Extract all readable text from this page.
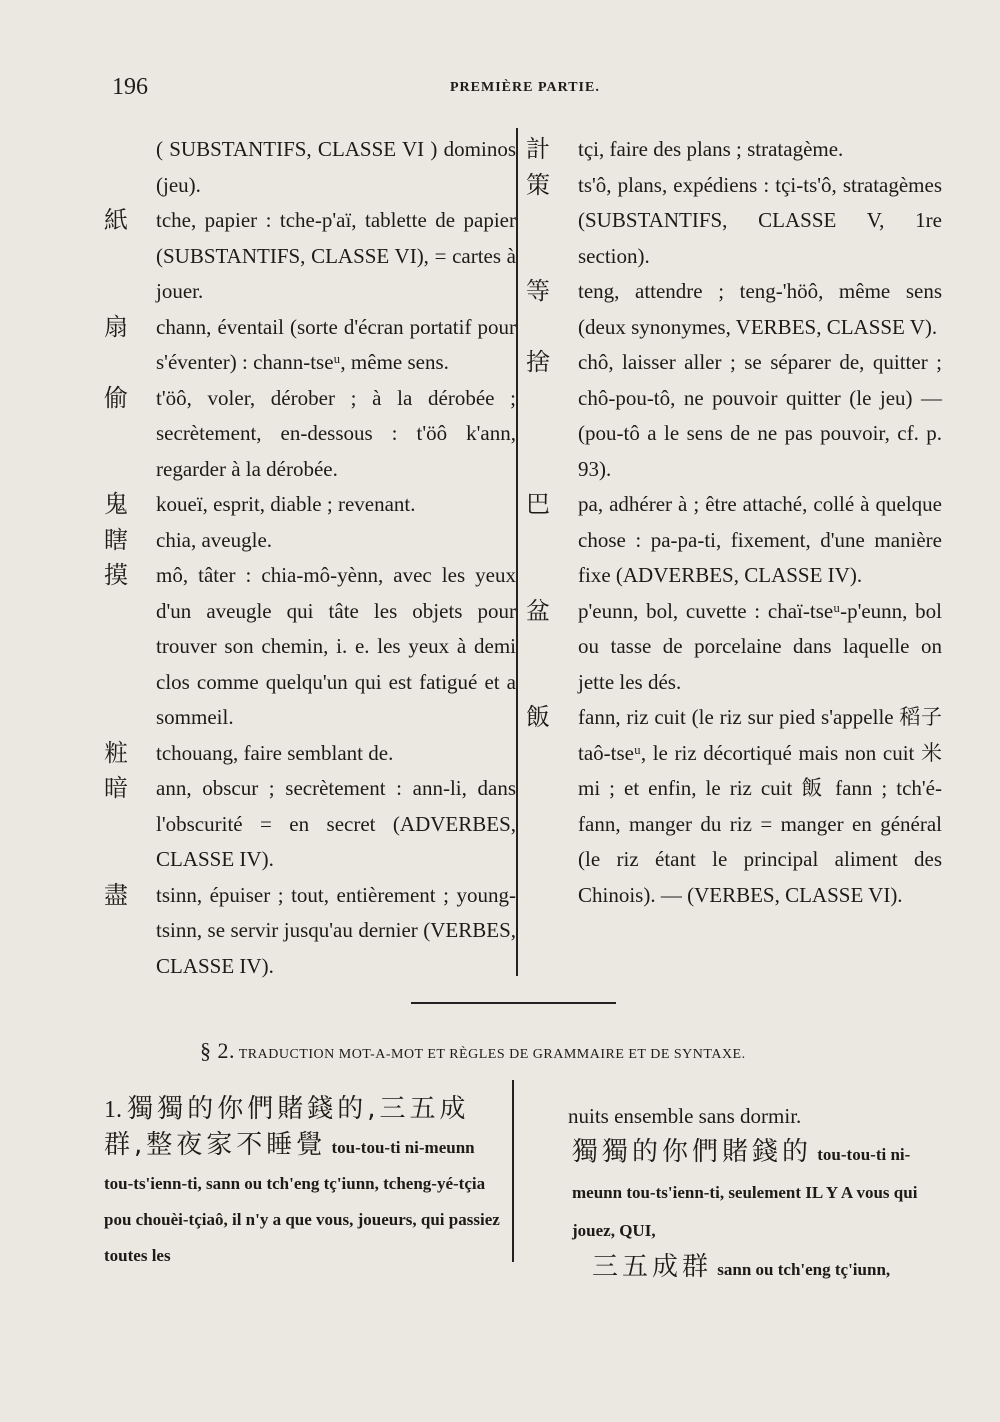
196	PREMIÈRE PARTIE.
( SUBSTANTIFS, CLASSE VI ) dominos (jeu).
紙	tche, papier : tche-p'aï, tablette de papier (SUBSTANTIFS, CLASSE VI), = cartes à jouer.
扇	chann, éventail (sorte d'écran portatif pour s'éventer) : chann-tseᵘ, même sens.
偷	t'öô, voler, dérober ; à la dérobée ; secrètement, en-dessous : t'öô k'ann, regarder à la dérobée.
鬼	koueï, esprit, diable ; revenant.
瞎	chia, aveugle.
摸	mô, tâter : chia-mô-yènn, avec les yeux d'un aveugle qui tâte les objets pour trouver son chemin, i. e. les yeux à demi clos comme quelqu'un qui est fatigué et a sommeil.
粧	tchouang, faire semblant de.
暗	ann, obscur ; secrètement : ann-li, dans l'obscurité = en secret (ADVERBES, CLASSE IV).
盡	tsinn, épuiser ; tout, entièrement ; young-tsinn, se servir jusqu'au dernier (VERBES, CLASSE IV).
計	tçi, faire des plans ; stratagème.
策	ts'ô, plans, expédiens : tçi-ts'ô, stratagèmes (SUBSTANTIFS, CLASSE V, 1re section).
等	teng, attendre ; teng-'höô, même sens (deux synonymes, VERBES, CLASSE V).
捨	chô, laisser aller ; se séparer de, quitter ; chô-pou-tô, ne pouvoir quitter (le jeu) — (pou-tô a le sens de ne pas pouvoir, cf. p. 93).
巴	pa, adhérer à ; être attaché, collé à quelque chose : pa-pa-ti, fixement, d'une manière fixe (ADVERBES, CLASSE IV).
盆	p'eunn, bol, cuvette : chaï-tseᵘ-p'eunn, bol ou tasse de porcelaine dans laquelle on jette les dés.
飯	fann, riz cuit (le riz sur pied s'appelle 稻子 taô-tseᵘ, le riz décortiqué mais non cuit 米 mi ; et enfin, le riz cuit 飯 fann ; tch'é-fann, manger du riz = manger en général (le riz étant le principal aliment des Chinois). — (VERBES, CLASSE VI).
§ 2. TRADUCTION MOT-A-MOT ET RÈGLES DE GRAMMAIRE ET DE SYNTAXE.
1. 獨獨的你們賭錢的,三五成群,整夜家不睡覺 tou-tou-ti ni-meunn tou-ts'ienn-ti, sann ou tch'eng tç'iunn, tcheng-yé-tçia pou chouèi-tçiaô, il n'y a que vous, joueurs, qui passiez toutes les
nuits ensemble sans dormir.
獨獨的你們賭錢的 tou-tou-ti ni-meunn tou-ts'ienn-ti, seulement IL Y A vous qui jouez, QUI,
三五成群 sann ou tch'eng tç'iunn,
